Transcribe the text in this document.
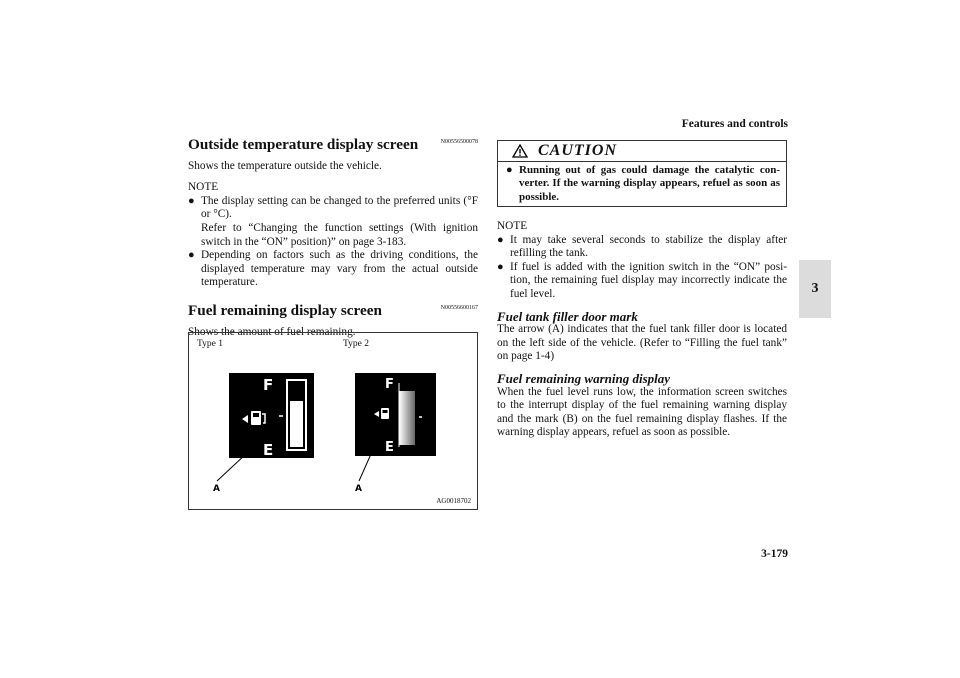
Features and controls
3-179
3
Outside temperature display screen	N00556500078

Shows the temperature outside the vehicle.

NOTE
● The display setting can be changed to the preferred units (°F or °C).
Refer to “Changing the function settings (With ignition switch in the “ON” position)” on page 3-183.
● Depending on factors such as the driving conditions, the displayed temperature may vary from the actual outside temperature.
Fuel remaining display screen	N00556600167

Shows the amount of fuel remaining.

Type 1	Type 2
F
E
A
F
E
A
AG0018702
CAUTION
● Running out of gas could damage the catalytic con-verter. If the warning display appears, refuel as soon as possible.
NOTE
● It may take several seconds to stabilize the display after refilling the tank.
● If fuel is added with the ignition switch in the “ON” posi-tion, the remaining fuel display may incorrectly indicate the fuel level.
Fuel tank filler door mark

The arrow (A) indicates that the fuel tank filler door is located on the left side of the vehicle. (Refer to “Filling the fuel tank” on page 1-4)

Fuel remaining warning display

When the fuel level runs low, the information screen switches to the interrupt display of the fuel remaining warning display and the mark (B) on the fuel remaining display flashes. If the warning display appears, refuel as soon as possible.
